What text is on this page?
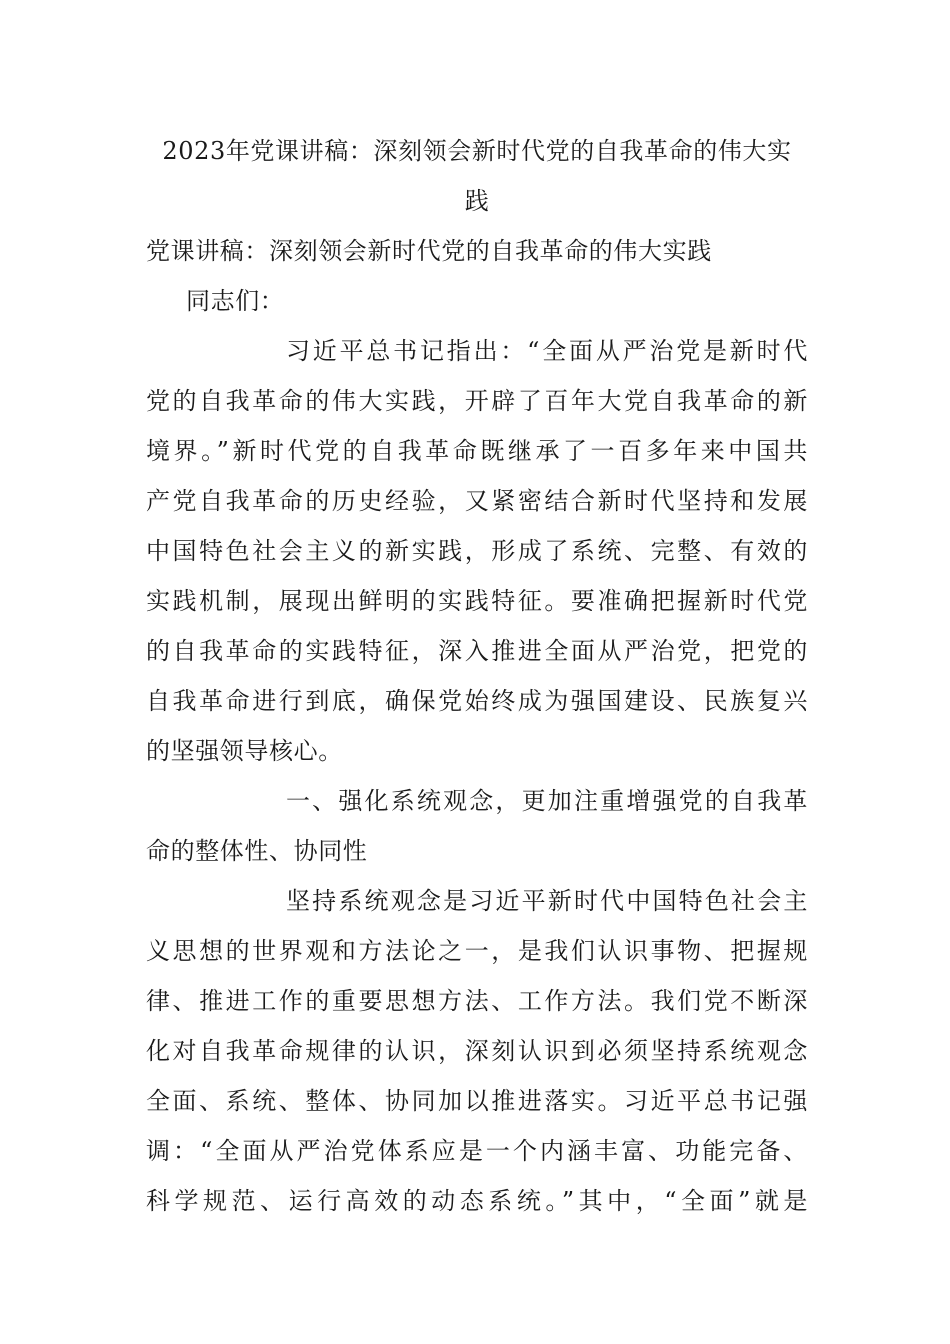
2023年党课讲稿：深刻领会新时代党的自我革命的伟大实
践
党课讲稿：深刻领会新时代党的自我革命的伟大实践
同志们：
习近平总书记指出：“全面从严治党是新时代
党的自我革命的伟大实践，开辟了百年大党自我革命的新
境界。”新时代党的自我革命既继承了一百多年来中国共
产党自我革命的历史经验，又紧密结合新时代坚持和发展
中国特色社会主义的新实践，形成了系统、完整、有效的
实践机制，展现出鲜明的实践特征。要准确把握新时代党
的自我革命的实践特征，深入推进全面从严治党，把党的
自我革命进行到底，确保党始终成为强国建设、民族复兴
的坚强领导核心。
一、强化系统观念，更加注重增强党的自我革
命的整体性、协同性
坚持系统观念是习近平新时代中国特色社会主
义思想的世界观和方法论之一，是我们认识事物、把握规
律、推进工作的重要思想方法、工作方法。我们党不断深
化对自我革命规律的认识，深刻认识到必须坚持系统观念
全面、系统、整体、协同加以推进落实。习近平总书记强
调：“全面从严治党体系应是一个内涵丰富、功能完备、
科学规范、运行高效的动态系统。”其中，“全面”就是
